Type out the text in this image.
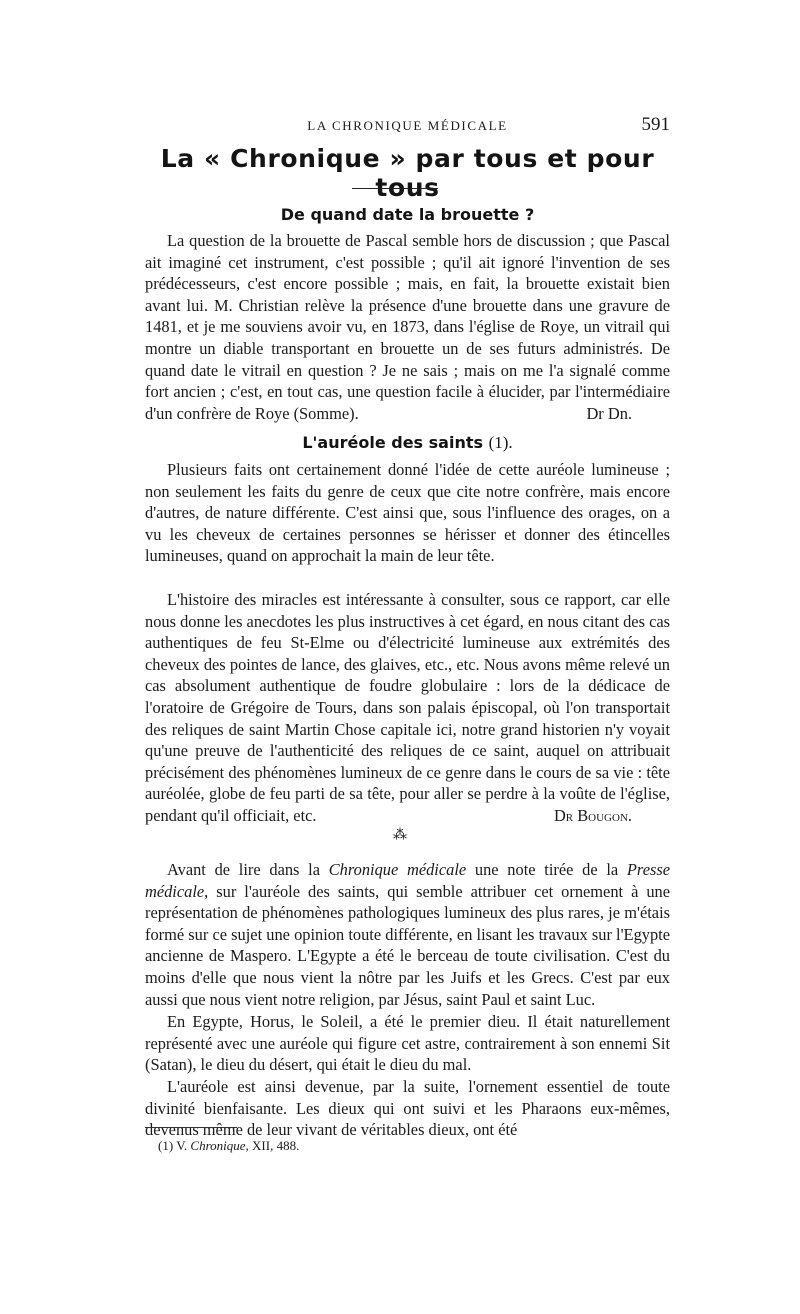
LA CHRONIQUE MÉDICALE	591
La « Chronique » par tous et pour tous
De quand date la brouette ?

La question de la brouette de Pascal semble hors de discussion ; que Pascal ait imaginé cet instrument, c'est possible ; qu'il ait ignoré l'invention de ses prédécesseurs, c'est encore possible ; mais, en fait, la brouette existait bien avant lui. M. Christian relève la présence d'une brouette dans une gravure de 1481, et je me souviens avoir vu, en 1873, dans l'église de Roye, un vitrail qui montre un diable transportant en brouette un de ses futurs administrés. De quand date le vitrail en question ? Je ne sais ; mais on me l'a signalé comme fort ancien ; c'est, en tout cas, une question facile à élucider, par l'intermédiaire d'un confrère de Roye (Somme).	Dr Dn.

L'auréole des saints (1).

Plusieurs faits ont certainement donné l'idée de cette auréole lumineuse ; non seulement les faits du genre de ceux que cite notre confrère, mais encore d'autres, de nature différente. C'est ainsi que, sous l'influence des orages, on a vu les cheveux de certaines personnes se hérisser et donner des étincelles lumineuses, quand on approchait la main de leur tête.

L'histoire des miracles est intéressante à consulter, sous ce rapport, car elle nous donne les anecdotes les plus instructives à cet égard, en nous citant des cas authentiques de feu St-Elme ou d'électricité lumineuse aux extrémités des cheveux des pointes de lance, des glaives, etc., etc. Nous avons même relevé un cas absolument authentique de foudre globulaire : lors de la dédicace de l'oratoire de Grégoire de Tours, dans son palais épiscopal, où l'on transportait des reliques de saint Martin Chose capitale ici, notre grand historien n'y voyait qu'une preuve de l'authenticité des reliques de ce saint, auquel on attribuait précisément des phénomènes lumineux de ce genre dans le cours de sa vie : tête auréolée, globe de feu parti de sa tête, pour aller se perdre à la voûte de l'église, pendant qu'il officiait, etc.	Dr Bougon.

⁂

Avant de lire dans la Chronique médicale une note tirée de la Presse médicale, sur l'auréole des saints, qui semble attribuer cet ornement à une représentation de phénomènes pathologiques lumineux des plus rares, je m'étais formé sur ce sujet une opinion toute différente, en lisant les travaux sur l'Egypte ancienne de Maspero. L'Egypte a été le berceau de toute civilisation. C'est du moins d'elle que nous vient la nôtre par les Juifs et les Grecs. C'est par eux aussi que nous vient notre religion, par Jésus, saint Paul et saint Luc.

En Egypte, Horus, le Soleil, a été le premier dieu. Il était naturellement représenté avec une auréole qui figure cet astre, contrairement à son ennemi Sit (Satan), le dieu du désert, qui était le dieu du mal.

L'auréole est ainsi devenue, par la suite, l'ornement essentiel de toute divinité bienfaisante. Les dieux qui ont suivi et les Pharaons eux-mêmes, devenus même de leur vivant de véritables dieux, ont été

(1) V. Chronique, XII, 488.
